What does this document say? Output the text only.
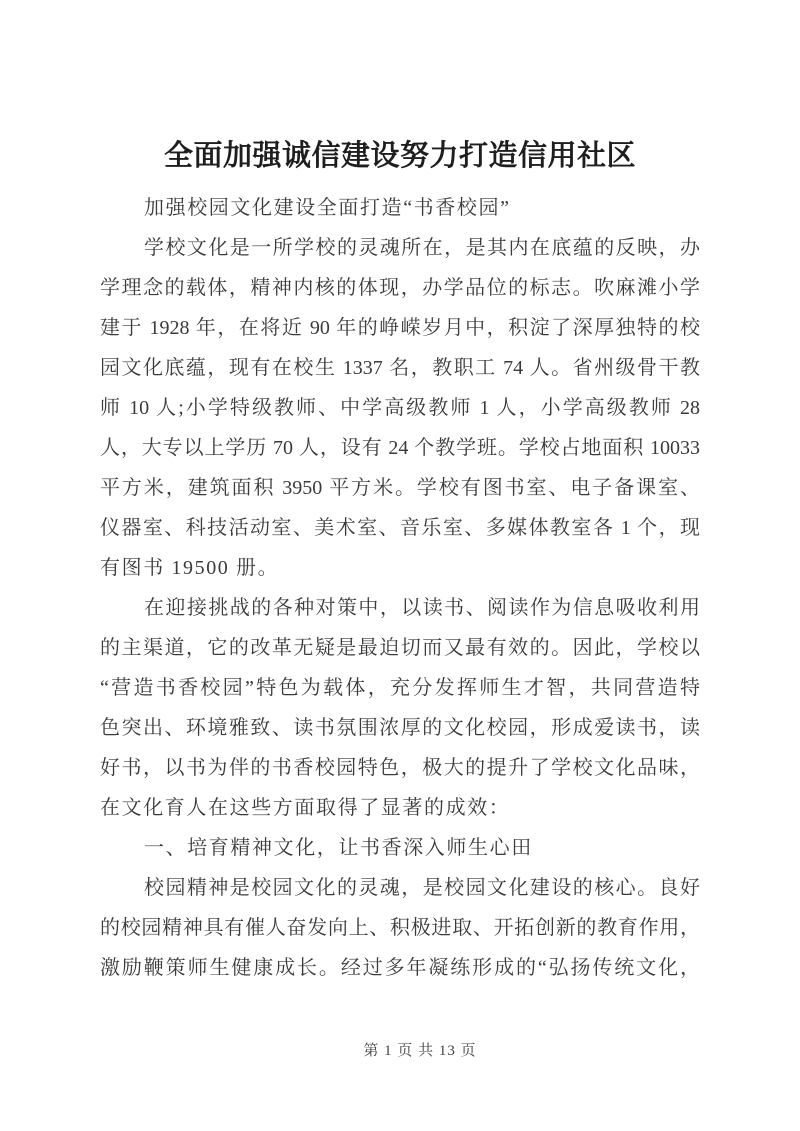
全面加强诚信建设努力打造信用社区
加强校园文化建设全面打造“书香校园”
学校文化是一所学校的灵魂所在，是其内在底蕴的反映，办
学理念的载体，精神内核的体现，办学品位的标志。吹麻滩小学
建于 1928 年，在将近 90 年的峥嵘岁月中，积淀了深厚独特的校
园文化底蕴，现有在校生 1337 名，教职工 74 人。省州级骨干教
师 10 人;小学特级教师、中学高级教师 1 人，小学高级教师 28
人，大专以上学历 70 人，设有 24 个教学班。学校占地面积 10033
平方米，建筑面积 3950 平方米。学校有图书室、电子备课室、
仪器室、科技活动室、美术室、音乐室、多媒体教室各 1 个，现
有图书 19500 册。
在迎接挑战的各种对策中，以读书、阅读作为信息吸收利用
的主渠道，它的改革无疑是最迫切而又最有效的。因此，学校以
“营造书香校园”特色为载体，充分发挥师生才智，共同营造特
色突出、环境雅致、读书氛围浓厚的文化校园，形成爱读书，读
好书，以书为伴的书香校园特色，极大的提升了学校文化品味，
在文化育人在这些方面取得了显著的成效：
一、培育精神文化，让书香深入师生心田
校园精神是校园文化的灵魂，是校园文化建设的核心。良好
的校园精神具有催人奋发向上、积极进取、开拓创新的教育作用，
激励鞭策师生健康成长。经过多年凝练形成的“弘扬传统文化，
第 1 页 共 13 页
